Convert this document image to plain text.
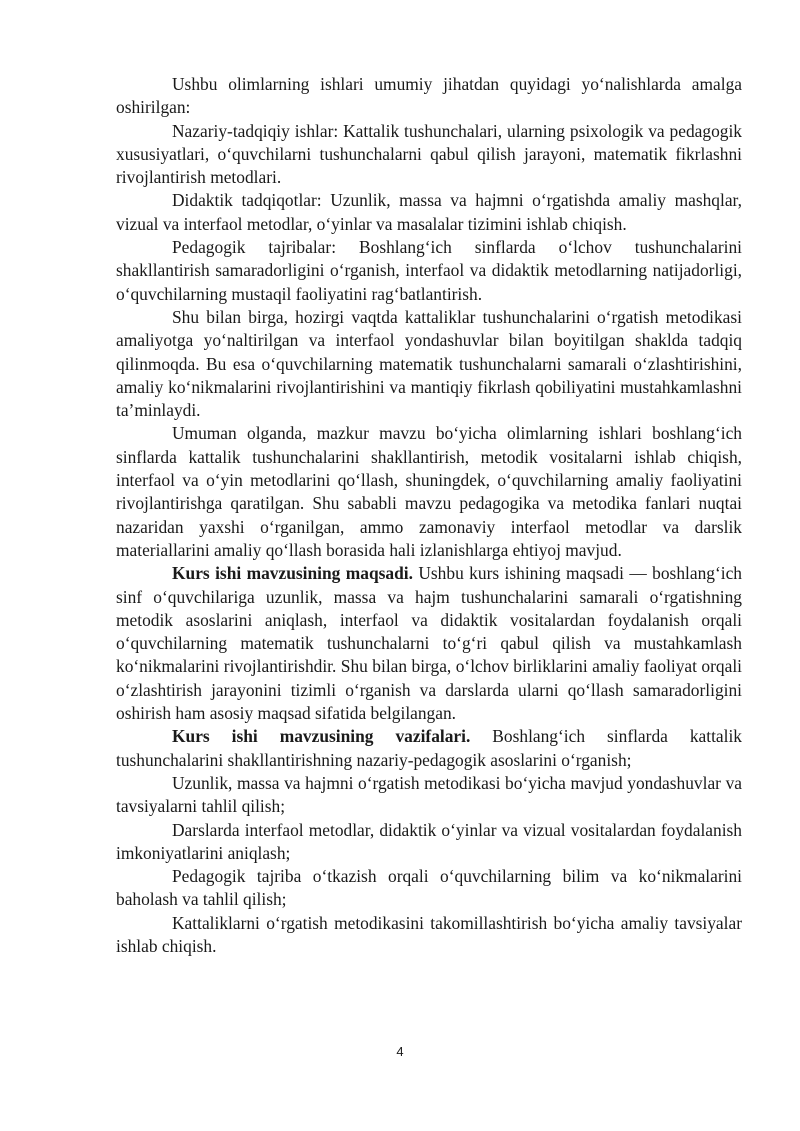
Ushbu olimlarning ishlari umumiy jihatdan quyidagi yo‘nalishlarda amalga oshirilgan:

Nazariy-tadqiqiy ishlar: Kattalik tushunchalari, ularning psixologik va pedagogik xususiyatlari, o‘quvchilarni tushunchalarni qabul qilish jarayoni, matematik fikrlashni rivojlantirish metodlari.

Didaktik tadqiqotlar: Uzunlik, massa va hajmni o‘rgatishda amaliy mashqlar, vizual va interfaol metodlar, o‘yinlar va masalalar tizimini ishlab chiqish.

Pedagogik tajribalar: Boshlang‘ich sinflarda o‘lchov tushunchalarini shakllantirish samaradorligini o‘rganish, interfaol va didaktik metodlarning natijadorligi, o‘quvchilarning mustaqil faoliyatini rag‘batlantirish.

Shu bilan birga, hozirgi vaqtda kattaliklar tushunchalarini o‘rgatish metodikasi amaliyotga yo‘naltirilgan va interfaol yondashuvlar bilan boyitilgan shaklda tadqiq qilinmoqda. Bu esa o‘quvchilarning matematik tushunchalarni samarali o‘zlashtirishini, amaliy ko‘nikmalarini rivojlantirishini va mantiqiy fikrlash qobiliyatini mustahkamlashni ta’minlaydi.

Umuman olganda, mazkur mavzu bo‘yicha olimlarning ishlari boshlang‘ich sinflarda kattalik tushunchalarini shakllantirish, metodik vositalarni ishlab chiqish, interfaol va o‘yin metodlarini qo‘llash, shuningdek, o‘quvchilarning amaliy faoliyatini rivojlantirishga qaratilgan. Shu sababli mavzu pedagogika va metodika fanlari nuqtai nazaridan yaxshi o‘rganilgan, ammo zamonaviy interfaol metodlar va darslik materiallarini amaliy qo‘llash borasida hali izlanishlarga ehtiyoj mavjud.

Kurs ishi mavzusining maqsadi. Ushbu kurs ishining maqsadi — boshlang‘ich sinf o‘quvchilariga uzunlik, massa va hajm tushunchalarini samarali o‘rgatishning metodik asoslarini aniqlash, interfaol va didaktik vositalardan foydalanish orqali o‘quvchilarning matematik tushunchalarni to‘g‘ri qabul qilish va mustahkamlash ko‘nikmalarini rivojlantirishdir. Shu bilan birga, o‘lchov birliklarini amaliy faoliyat orqali o‘zlashtirish jarayonini tizimli o‘rganish va darslarda ularni qo‘llash samaradorligini oshirish ham asosiy maqsad sifatida belgilangan.

Kurs ishi mavzusining vazifalari. Boshlang‘ich sinflarda kattalik tushunchalarini shakllantirishning nazariy-pedagogik asoslarini o‘rganish;

Uzunlik, massa va hajmni o‘rgatish metodikasi bo‘yicha mavjud yondashuvlar va tavsiyalarni tahlil qilish;

Darslarda interfaol metodlar, didaktik o‘yinlar va vizual vositalardan foydalanish imkoniyatlarini aniqlash;

Pedagogik tajriba o‘tkazish orqali o‘quvchilarning bilim va ko‘nikmalarini baholash va tahlil qilish;

Kattaliklarni o‘rgatish metodikasini takomillashtirish bo‘yicha amaliy tavsiyalar ishlab chiqish.

4
